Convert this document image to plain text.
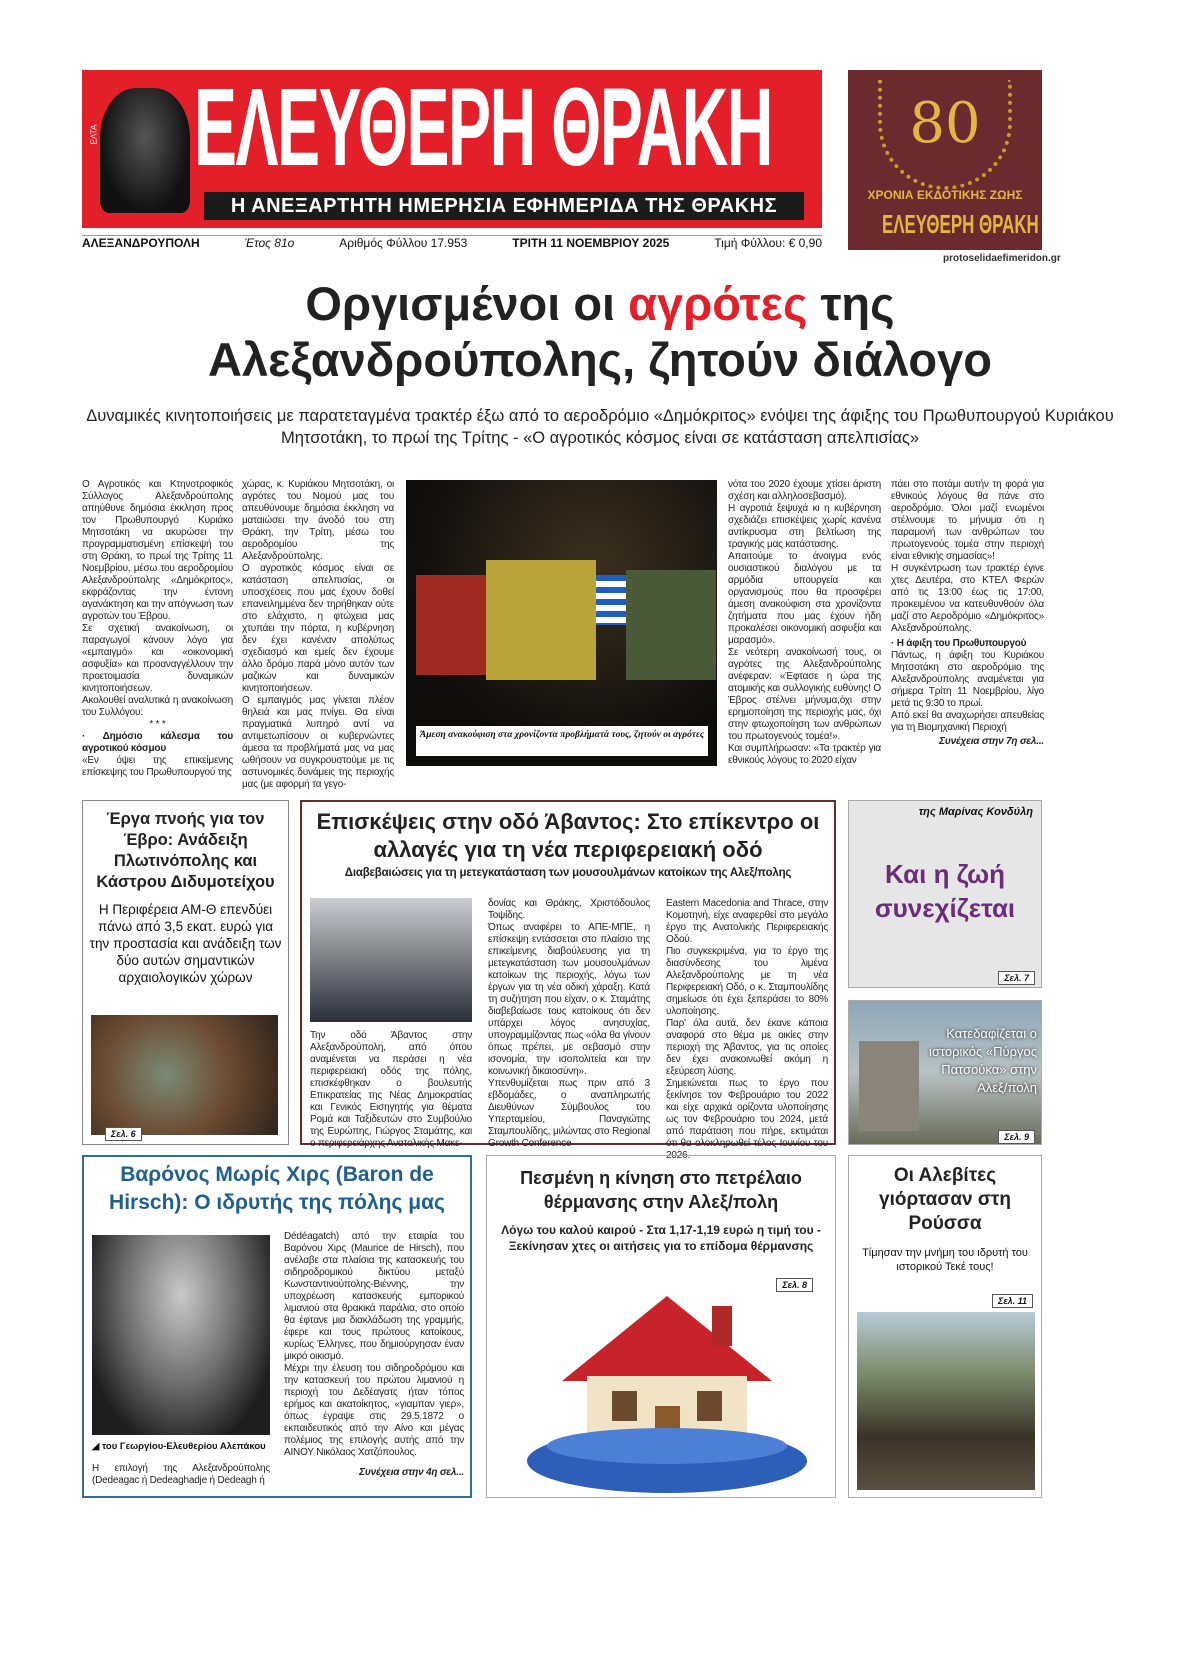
ΕΛΤΑ ΕΛΕΥΘΕΡΗ ΘΡΑΚΗ
Η ΑΝΕΞΑΡΤΗΤΗ ΗΜΕΡΗΣΙΑ ΕΦΗΜΕΡΙΔΑ ΤΗΣ ΘΡΑΚΗΣ
ΑΛΕΞΑΝΔΡΟΥΠΟΛΗ	Έτος 81ο	Αριθμός Φύλλου 17.953	ΤΡΙΤΗ 11 ΝΟΕΜΒΡΙΟΥ 2025	Τιμή Φύλλου: € 0,90
80
ΧΡΟΝΙΑ ΕΚΔΟΤΙΚΗΣ ΖΩΗΣ
ΕΛΕΥΘΕΡΗ ΘΡΑΚΗ
protoselidaefimeridon.gr
Οργισμένοι οι αγρότες της
Αλεξανδρούπολης, ζητούν διάλογο
Δυναμικές κινητοποιήσεις με παρατεταγμένα τρακτέρ έξω από το αεροδρόμιο «Δημόκριτος» ενόψει της άφιξης του Πρωθυπουργού Κυριάκου Μητσοτάκη, το πρωί της Τρίτης - «Ο αγροτικός κόσμος είναι σε κατάσταση απελπισίας»

Ο Αγροτικός και Κτηνοτροφικός Σύλλογος Αλεξανδρούπολης απηύθυνε δημόσια έκκληση προς τον Πρωθυπουργό Κυριάκο Μητσοτάκη να ακυρώσει την προγραμματισμένη επίσκεψή του στη Θράκη, το πρωί της Τρίτης 11 Νοεμβρίου, μέσω του αεροδρομίου Αλεξανδρούπολης «Δημόκριτος», εκφράζοντας την έντονη αγανάκτηση και την απόγνωση των αγροτών του Έβρου.

Σε σχετική ανακοίνωση, οι παραγωγοί κάνουν λόγο για «εμπαιγμό» και «οικονομική ασφυξία» και προαναγγέλλουν την προετοιμασία δυναμικών κινητοποιήσεων.

Ακολουθεί αναλυτικά η ανακοίνωση του Συλλόγου:

* * *

· Δημόσιο κάλεσμα του αγροτικού κόσμου

«Εν όψει της επικείμενης επίσκεψης του Πρωθυπουργού της

χώρας, κ. Κυριάκου Μητσοτάκη, οι αγρότες του Νομού μας του απευθύνουμε δημόσια έκκληση να ματαιώσει την άνοδό του στη Θράκη, την Τρίτη, μέσω του αεροδρομίου της Αλεξανδρούπολης.

Ο αγροτικός κόσμος είναι σε κατάσταση απελπισίας, οι υποσχέσεις που μας έχουν δοθεί επανειλημμένα δεν τηρήθηκαν ούτε στο ελάχιστο, η φτώχεια μας χτυπάει την πόρτα, η κυβέρνηση δεν έχει κανέναν απολύτως σχεδιασμό και εμείς δεν έχουμε άλλο δρόμο παρά μόνο αυτόν των μαζικών και δυναμικών κινητοποιήσεων.

Ο εμπαιγμός μας γίνεται πλέον θηλειά και μας πνίγει. Θα είναι πραγματικά λυπηρό αντί να αντιμετωπίσουν οι κυβερνώντες άμεσα τα προβλήματά μας να μας ωθήσουν να συγκρουστούμε με τις αστυνομικές δυνάμεις της περιοχής μας (με αφορμή τα γεγο-

Άμεση ανακούφιση στα χρονίζοντα προβλήματά τους, ζητούν οι αγρότες

νότα του 2020 έχουμε χτίσει άριστη σχέση και αλληλοσεβασμό).

Η αγροτιά ξεψυχά κι η κυβέρνηση σχεδιάζει επισκέψεις χωρίς κανένα αντίκρυσμα στη βελτίωση της τραγικής μας κατάστασης.

Απαιτούμε το άνοιγμα ενός ουσιαστικού διαλόγου με τα αρμόδια υπουργεία και οργανισμούς που θα προσφέρει άμεση ανακούφιση στα χρονίζοντα ζητήματα που μας έχουν ήδη προκαλέσει οικονομική ασφυξία και μαρασμό».

Σε νεότερη ανακοίνωσή τους, οι αγρότες της Αλεξανδρούπολης ανέφεραν: «Έφτασε η ώρα της ατομικής και συλλογικής ευθύνης! Ο Έβρος στέλνει μήνυμα,όχι στην ερημοποίηση της περιοχής μας, όχι στην φτωχοποίηση των ανθρώπων του πρωτογενούς τομέα!».

Και συμπλήρωσαν: «Τα τρακτέρ για εθνικούς λόγους το 2020 είχαν

πάει στο ποτάμι αυτήν τη φορά για εθνικούς λόγους θα πάνε στο αεροδρόμιο. Όλοι μαζί ενωμένοι στέλνουμε το μήνυμα ότι η παραμονή των ανθρώπων του πρωτογενούς τομέα στην περιοχή είναι εθνικής σημασίας»!

Η συγκέντρωση των τρακτέρ έγινε χτες Δευτέρα, στο ΚΤΕΛ Φερών από τις 13:00 έως τις 17:00, προκειμένου να κατευθυνθούν όλα μαζί στο Αεροδρόμιο «Δημόκριτος» Αλεξανδρούπολης.

· Η άφιξη του Πρωθυπουργού

Πάντως, η άφιξη του Κυριάκου Μητσοτάκη στο αεροδρόμιο της Αλεξανδρούπολης αναμένεται για σήμερα Τρίτη 11 Νοεμβρίου, λίγο μετά τις 9:30 το πρωί.

Από εκεί θα αναχωρήσει απευθείας για τη Βιομηχανική Περιοχή

Συνέχεια στην 7η σελ...

Έργα πνοής για τον Έβρο: Ανάδειξη Πλωτινόπολης και Κάστρου Διδυμοτείχου
Η Περιφέρεια ΑΜ-Θ επενδύει πάνω από 3,5 εκατ. ευρώ για την προστασία και ανάδειξη των δύο αυτών σημαντικών αρχαιολογικών χώρων
Σελ. 6
Επισκέψεις στην οδό Άβαντος: Στο επίκεντρο οι αλλαγές για τη νέα περιφερειακή οδό
Διαβεβαιώσεις για τη μετεγκατάσταση των μουσουλμάνων κατοίκων της Αλεξ/πολης

Την οδό Άβαντος στην Αλεξανδρούπολη, από όπου αναμένεται να περάσει η νέα περιφερειακή οδός της πόλης, επισκέφθηκαν ο βουλευτής Επικρατείας της Νέας Δημοκρατίας και Γενικός Εισηγητής για θέματα Ρομά και Ταξιδευτών στο Συμβούλιο της Ευρώπης, Γιώργος Σταμάτης, και ο περιφερειάρχης Ανατολικής Μακε-

δονίας και Θράκης, Χριστόδουλος Τοψίδης.

Όπως αναφέρει το ΑΠΕ-ΜΠΕ, η επίσκεψη εντάσσεται στο πλαίσιο της επικείμενης διαβούλευσης για τη μετεγκατάσταση των μουσουλμάνων κατοίκων της περιοχής, λόγω των έργων για τη νέα οδική χάραξη. Κατά τη συζήτηση που είχαν, ο κ. Σταμάτης διαβεβαίωσε τους κατοίκους ότι δεν υπάρχει λόγος ανησυχίας, υπογραμμίζοντας πως «όλα θα γίνουν όπως πρέπει, με σεβασμό στην ισονομία, την ισοπολιτεία και την κοινωνική δικαιοσύνη».

Υπενθυμίζεται πως πριν από 3 εβδομάδες, ο αναπληρωτής Διευθύνων Σύμβουλος του Υπερταμείου, Παναγιώτης Σταμπουλίδης, μιλώντας στο Regional Growth Conference

Eastern Macedonia and Thrace, στην Κομοτηνή, είχε αναφερθεί στο μεγάλο έργο της Ανατολικής Περιφερειακής Οδού.

Πιο συγκεκριμένα, για το έργο της διασύνδεσης του λιμένα Αλεξανδρούπολης με τη νέα Περιφερειακή Οδό, ο κ. Σταμπουλίδης σημείωσε ότι έχει ξεπεράσει το 80% υλοποίησης.

Παρ' όλα αυτά, δεν έκανε κάποια αναφορά στο θέμα με οικίες στην περιοχή της Άβαντος, για τις οποίες δεν έχει ανακοινωθεί ακόμη η εξεύρεση λύσης.

Σημειώνεται πως το έργο που ξεκίνησε τον Φεβρουάριο του 2022 και είχε αρχικά ορίζοντα υλοποίησης ως τον Φεβρουάριο του 2024, μετά από παράταση που πήρε, εκτιμάται ότι θα ολοκληρωθεί τέλος Ιουνίου του 2026.

της Μαρίνας Κονδύλη
Και η ζωή συνεχίζεται
Σελ. 7
Κατεδαφίζεται ο ιστορικός «Πύργος Πατσούκα» στην Αλεξ/πολη
Σελ. 9
Βαρόνος Μωρίς Χιρς (Baron de Hirsch): Ο ιδρυτής της πόλης μας
◢ του Γεωργίου-Ελευθερίου Αλεπάκου

Η επιλογή της Αλεξανδρούπολης (Dedeagac ή Dedeaghadje ή Dedeagh ή

Dédéagatch) από την εταιρία του Βαρόνου Χιρς (Maurice de Hirsch), που ανέλαβε στα πλαίσια της κατασκευής του σιδηροδρομικού δικτύου μεταξύ Κωνσταντινούπολης-Βιέννης, την υποχρέωση κατασκευής εμπορικού λιμανιού στα θρακικά παράλια, στο οποίο θα έφτανε μια διακλάδωση της γραμμής, έφερε και τους πρώτους κατοίκους, κυρίως Έλληνες, που δημιούργησαν έναν μικρό οικισμό.

Μέχρι την έλευση του σιδηροδρόμου και την κατασκευή του πρώτου λιμανιού η περιοχή του Δεδέαγατς ήταν τόπος ερήμος και ακατοίκητος, «γιαμπαν γιερ», όπως έγραψε στις 29.5.1872 ο εκπαιδευτικός από την Αίνο και μέγας πολέμιος της επιλογής αυτής από την ΑΙΝΟΥ Νικόλαος Χατζόπουλος.

Συνέχεια στην 4η σελ...

Πεσμένη η κίνηση στο πετρέλαιο θέρμανσης στην Αλεξ/πολη
Λόγω του καλού καιρού - Στα 1,17-1,19 ευρώ η τιμή του - Ξεκίνησαν χτες οι αιτήσεις για το επίδομα θέρμανσης
Σελ. 8
Οι Αλεβίτες γιόρτασαν στη Ρούσσα
Τίμησαν την μνήμη του ιδρυτή του ιστορικού Τεκέ τους!
Σελ. 11
